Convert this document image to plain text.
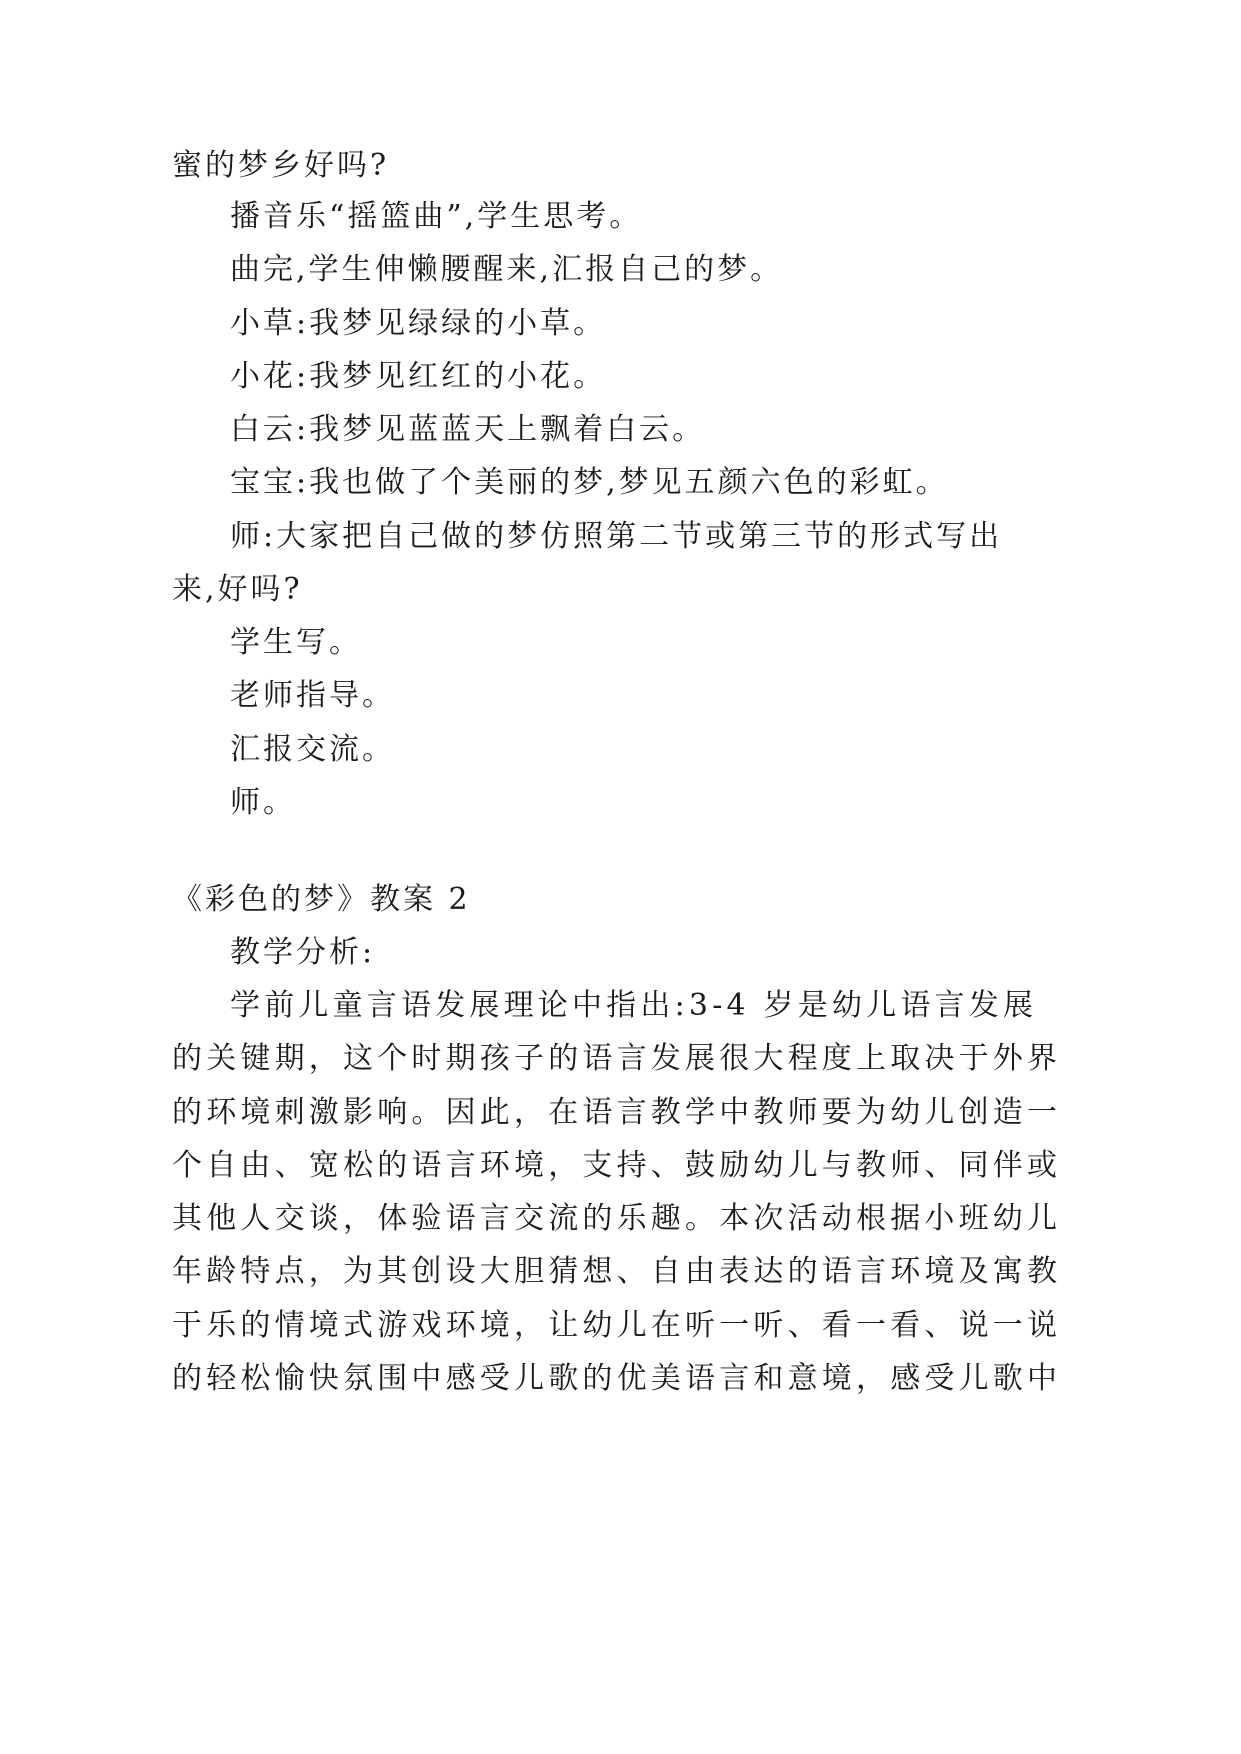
蜜的梦乡好吗?
播音乐“摇篮曲”,学生思考。
曲完,学生伸懒腰醒来,汇报自己的梦。
小草:我梦见绿绿的小草。
小花:我梦见红红的小花。
白云:我梦见蓝蓝天上飘着白云。
宝宝:我也做了个美丽的梦,梦见五颜六色的彩虹。
师:大家把自己做的梦仿照第二节或第三节的形式写出
来,好吗?
学生写。
老师指导。
汇报交流。
师。
《彩色的梦》教案 2
教学分析:
学前儿童言语发展理论中指出:3-4 岁是幼儿语言发展
的关键期，这个时期孩子的语言发展很大程度上取决于外界
的环境刺激影响。因此，在语言教学中教师要为幼儿创造一
个自由、宽松的语言环境，支持、鼓励幼儿与教师、同伴或
其他人交谈，体验语言交流的乐趣。本次活动根据小班幼儿
年龄特点，为其创设大胆猜想、自由表达的语言环境及寓教
于乐的情境式游戏环境，让幼儿在听一听、看一看、说一说
的轻松愉快氛围中感受儿歌的优美语言和意境，感受儿歌中
